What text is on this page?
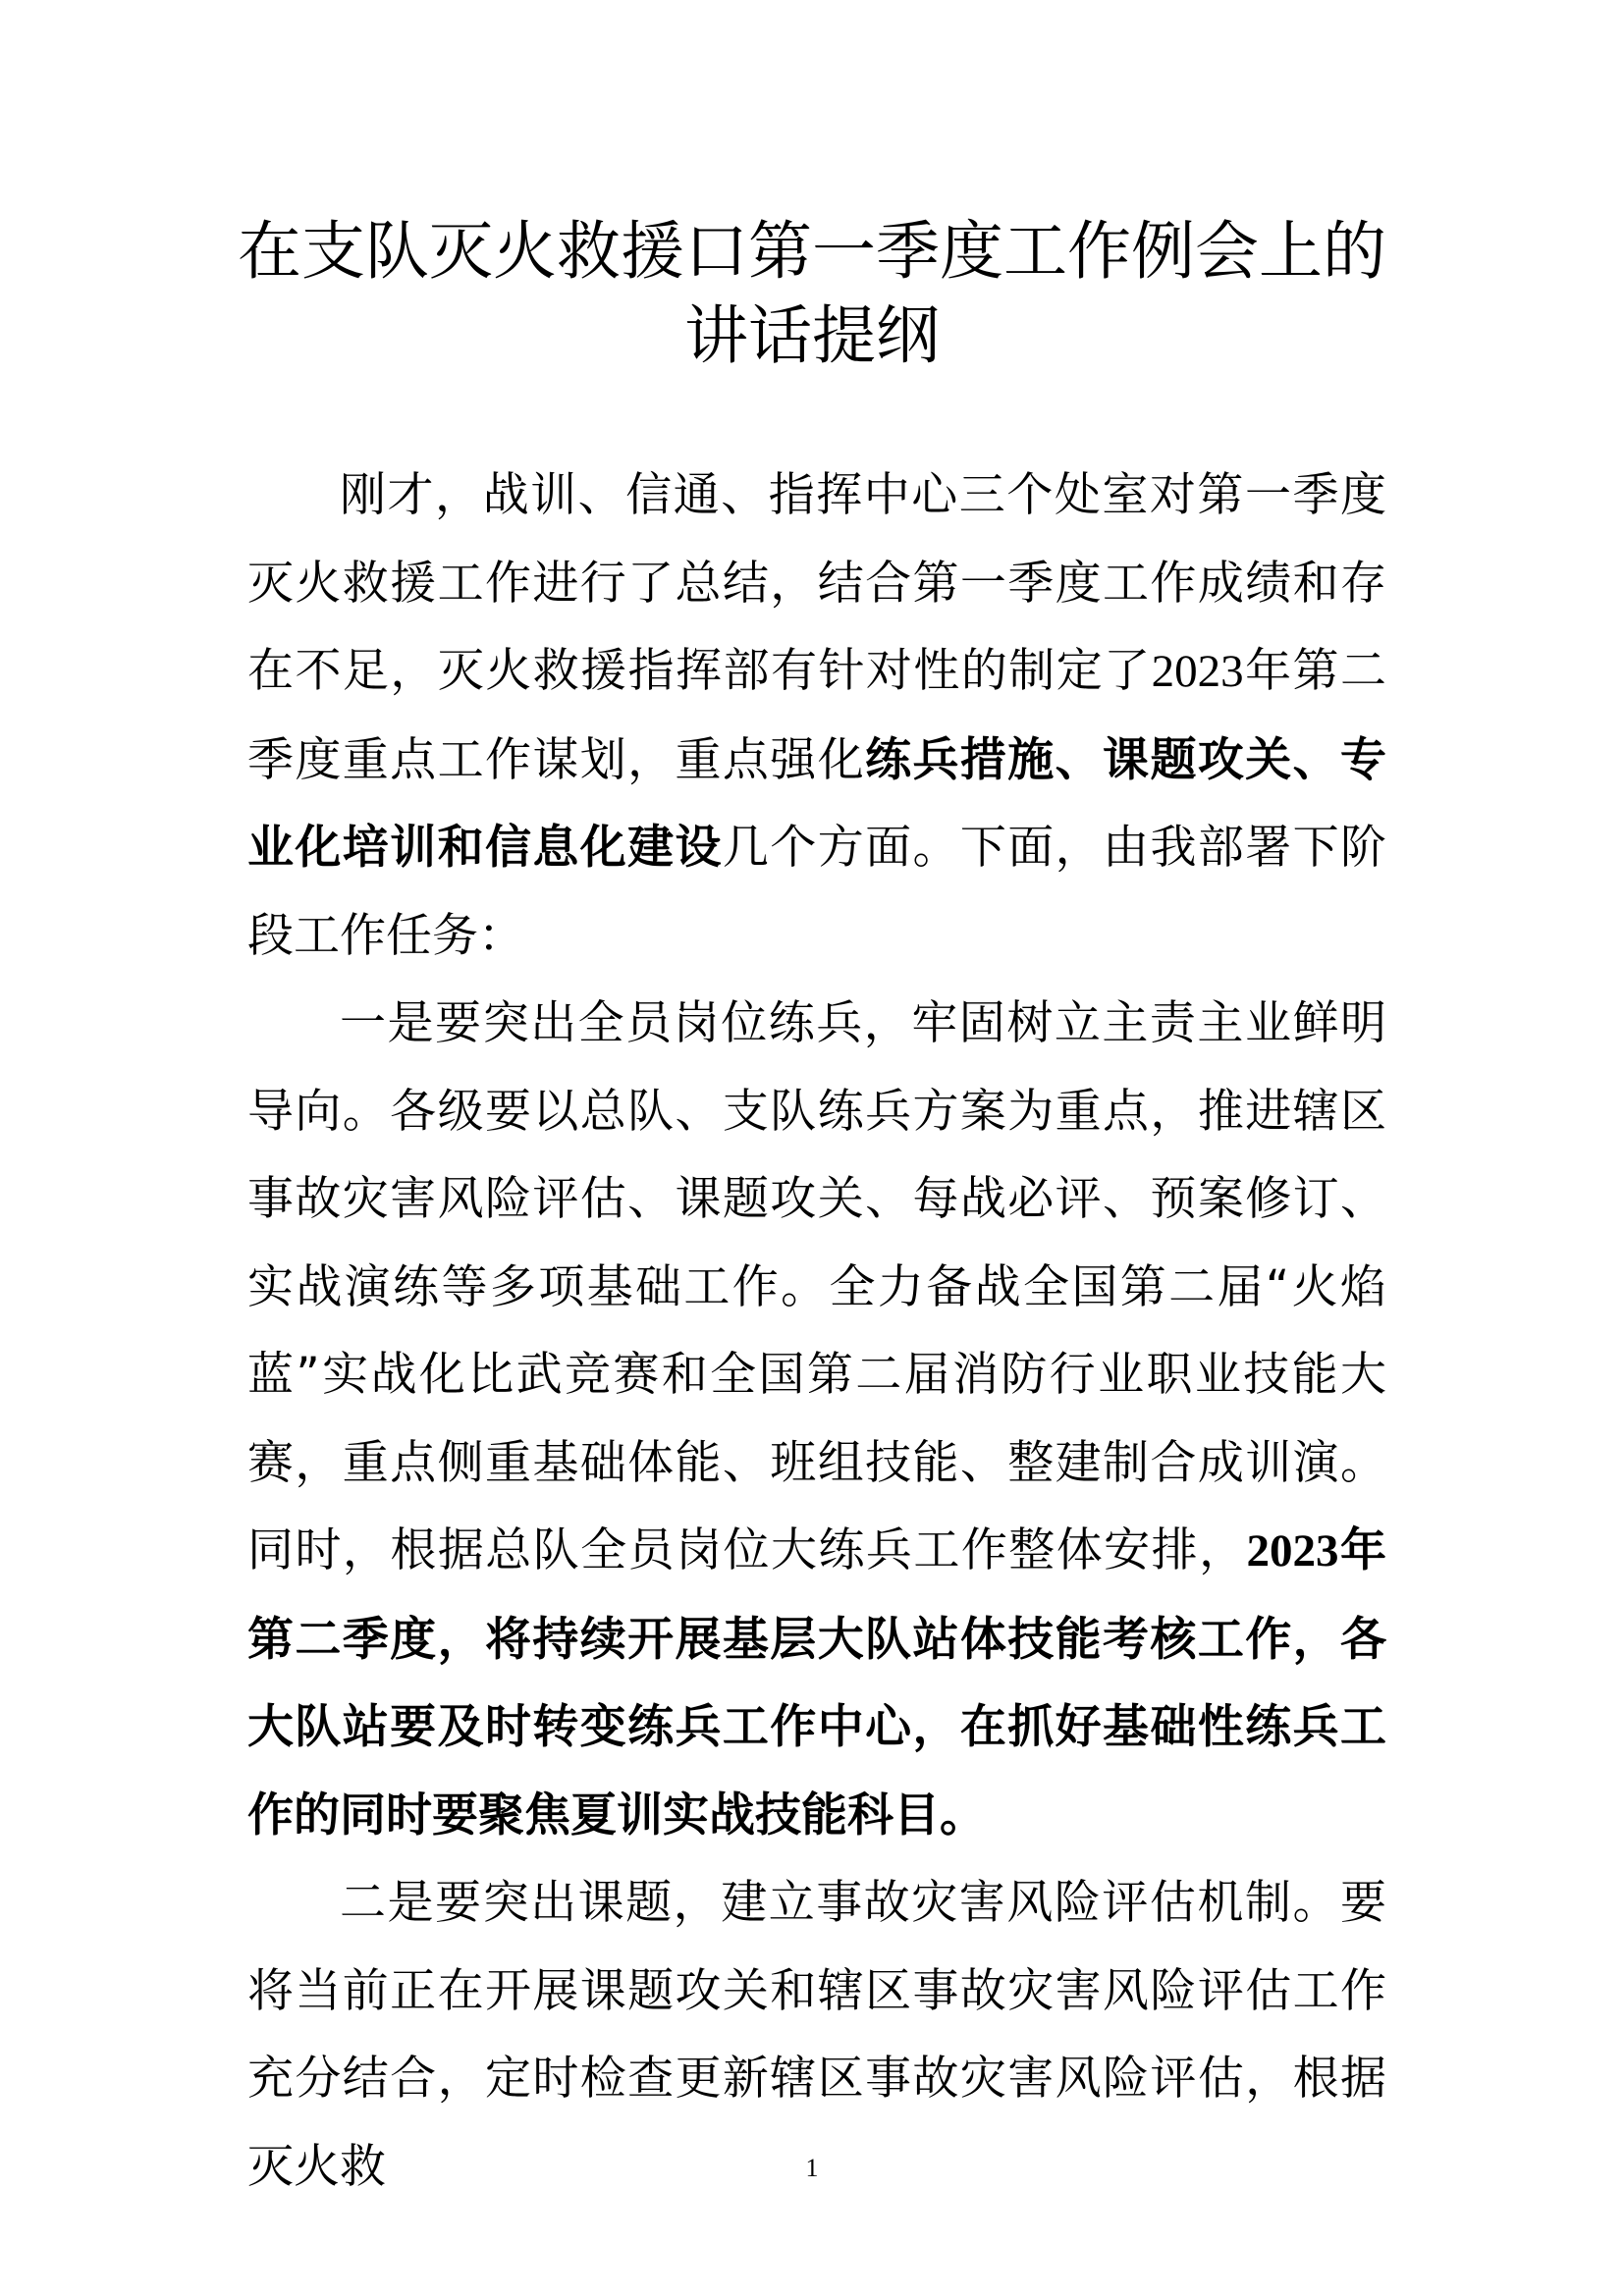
在支队灭火救援口第一季度工作例会上的
讲话提纲

刚才，战训、信通、指挥中心三个处室对第一季度灭火救援工作进行了总结，结合第一季度工作成绩和存在不足，灭火救援指挥部有针对性的制定了2023年第二季度重点工作谋划，重点强化练兵措施、课题攻关、专业化培训和信息化建设几个方面。下面，由我部署下阶段工作任务：

一是要突出全员岗位练兵，牢固树立主责主业鲜明导向。各级要以总队、支队练兵方案为重点，推进辖区事故灾害风险评估、课题攻关、每战必评、预案修订、实战演练等多项基础工作。全力备战全国第二届“火焰蓝”实战化比武竞赛和全国第二届消防行业职业技能大赛，重点侧重基础体能、班组技能、整建制合成训演。同时，根据总队全员岗位大练兵工作整体安排，2023年第二季度，将持续开展基层大队站体技能考核工作，各大队站要及时转变练兵工作中心，在抓好基础性练兵工作的同时要聚焦夏训实战技能科目。

二是要突出课题，建立事故灾害风险评估机制。要将当前正在开展课题攻关和辖区事故灾害风险评估工作充分结合，定时检查更新辖区事故灾害风险评估，根据灭火救	1
